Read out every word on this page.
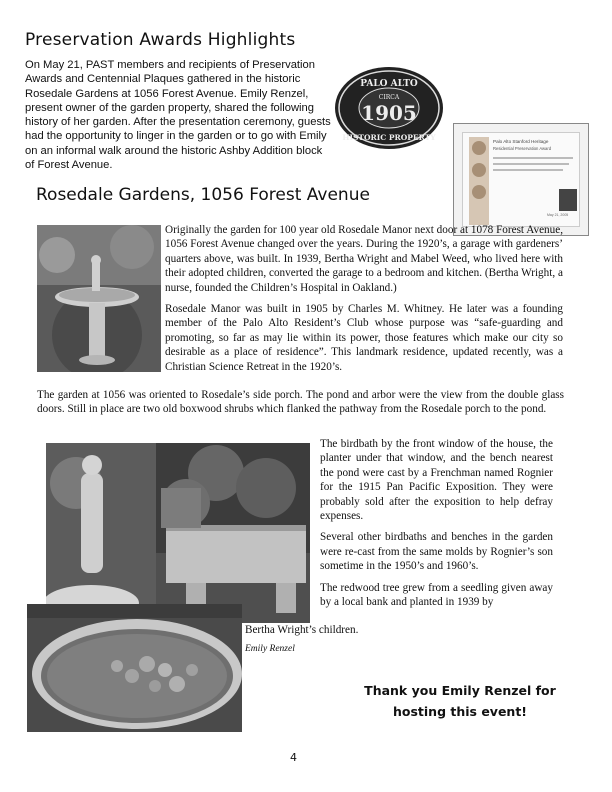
Preservation Awards Highlights

On May 21, PAST members and recipients of Preservation Awards and Centennial Plaques gathered in the historic Rosedale Gardens at 1056 Forest Avenue. Emily Renzel, present owner of the garden property, shared the following history of her garden. After the presentation ceremony, guests had the opportunity to linger in the garden or to go with Emily on an informal walk around the historic Ashby Addition block of Forest Avenue.

PALO ALTO
CIRCA
1905
HISTORIC PROPERTY	Palo Alto Stanford Heritage
Residential Preservation Award
May 21, 2005
Rosedale Gardens, 1056 Forest Avenue

Originally the garden for 100 year old Rosedale Manor next door at 1078 Forest Avenue, 1056 Forest Avenue changed over the years. During the 1920’s, a garage with gardeners’ quarters above, was built. In 1939, Bertha Wright and Mabel Weed, who lived here with their adopted children, converted the garage to a bedroom and kitchen. (Bertha Wright, a nurse, founded the Children’s Hospital in Oakland.)

Rosedale Manor was built in 1905 by Charles M. Whitney. He later was a founding member of the Palo Alto Resident’s Club whose purpose was “safe-guarding and promoting, so far as may lie within its power, those features which make our city so desirable as a place of residence”. This landmark residence, updated recently, was a Christian Science Retreat in the 1920’s.

The garden at 1056 was oriented to Rosedale’s side porch. The pond and arbor were the view from the double glass doors. Still in place are two old boxwood shrubs which flanked the pathway from the Rosedale porch to the pond.

The birdbath by the front window of the house, the planter under that window, and the bench nearest the pond were cast by a Frenchman named Rognier for the 1915 Pan Pacific Exposition. They were probably sold after the exposition to help defray expenses.

Several other birdbaths and benches in the garden were re-cast from the same molds by Rognier’s son sometime in the 1950’s and 1960’s.

The redwood tree grew from a seedling given away by a local bank and planted in 1939 by

Bertha Wright’s children.
Emily Renzel
Thank you Emily Renzel for hosting this event!
4
